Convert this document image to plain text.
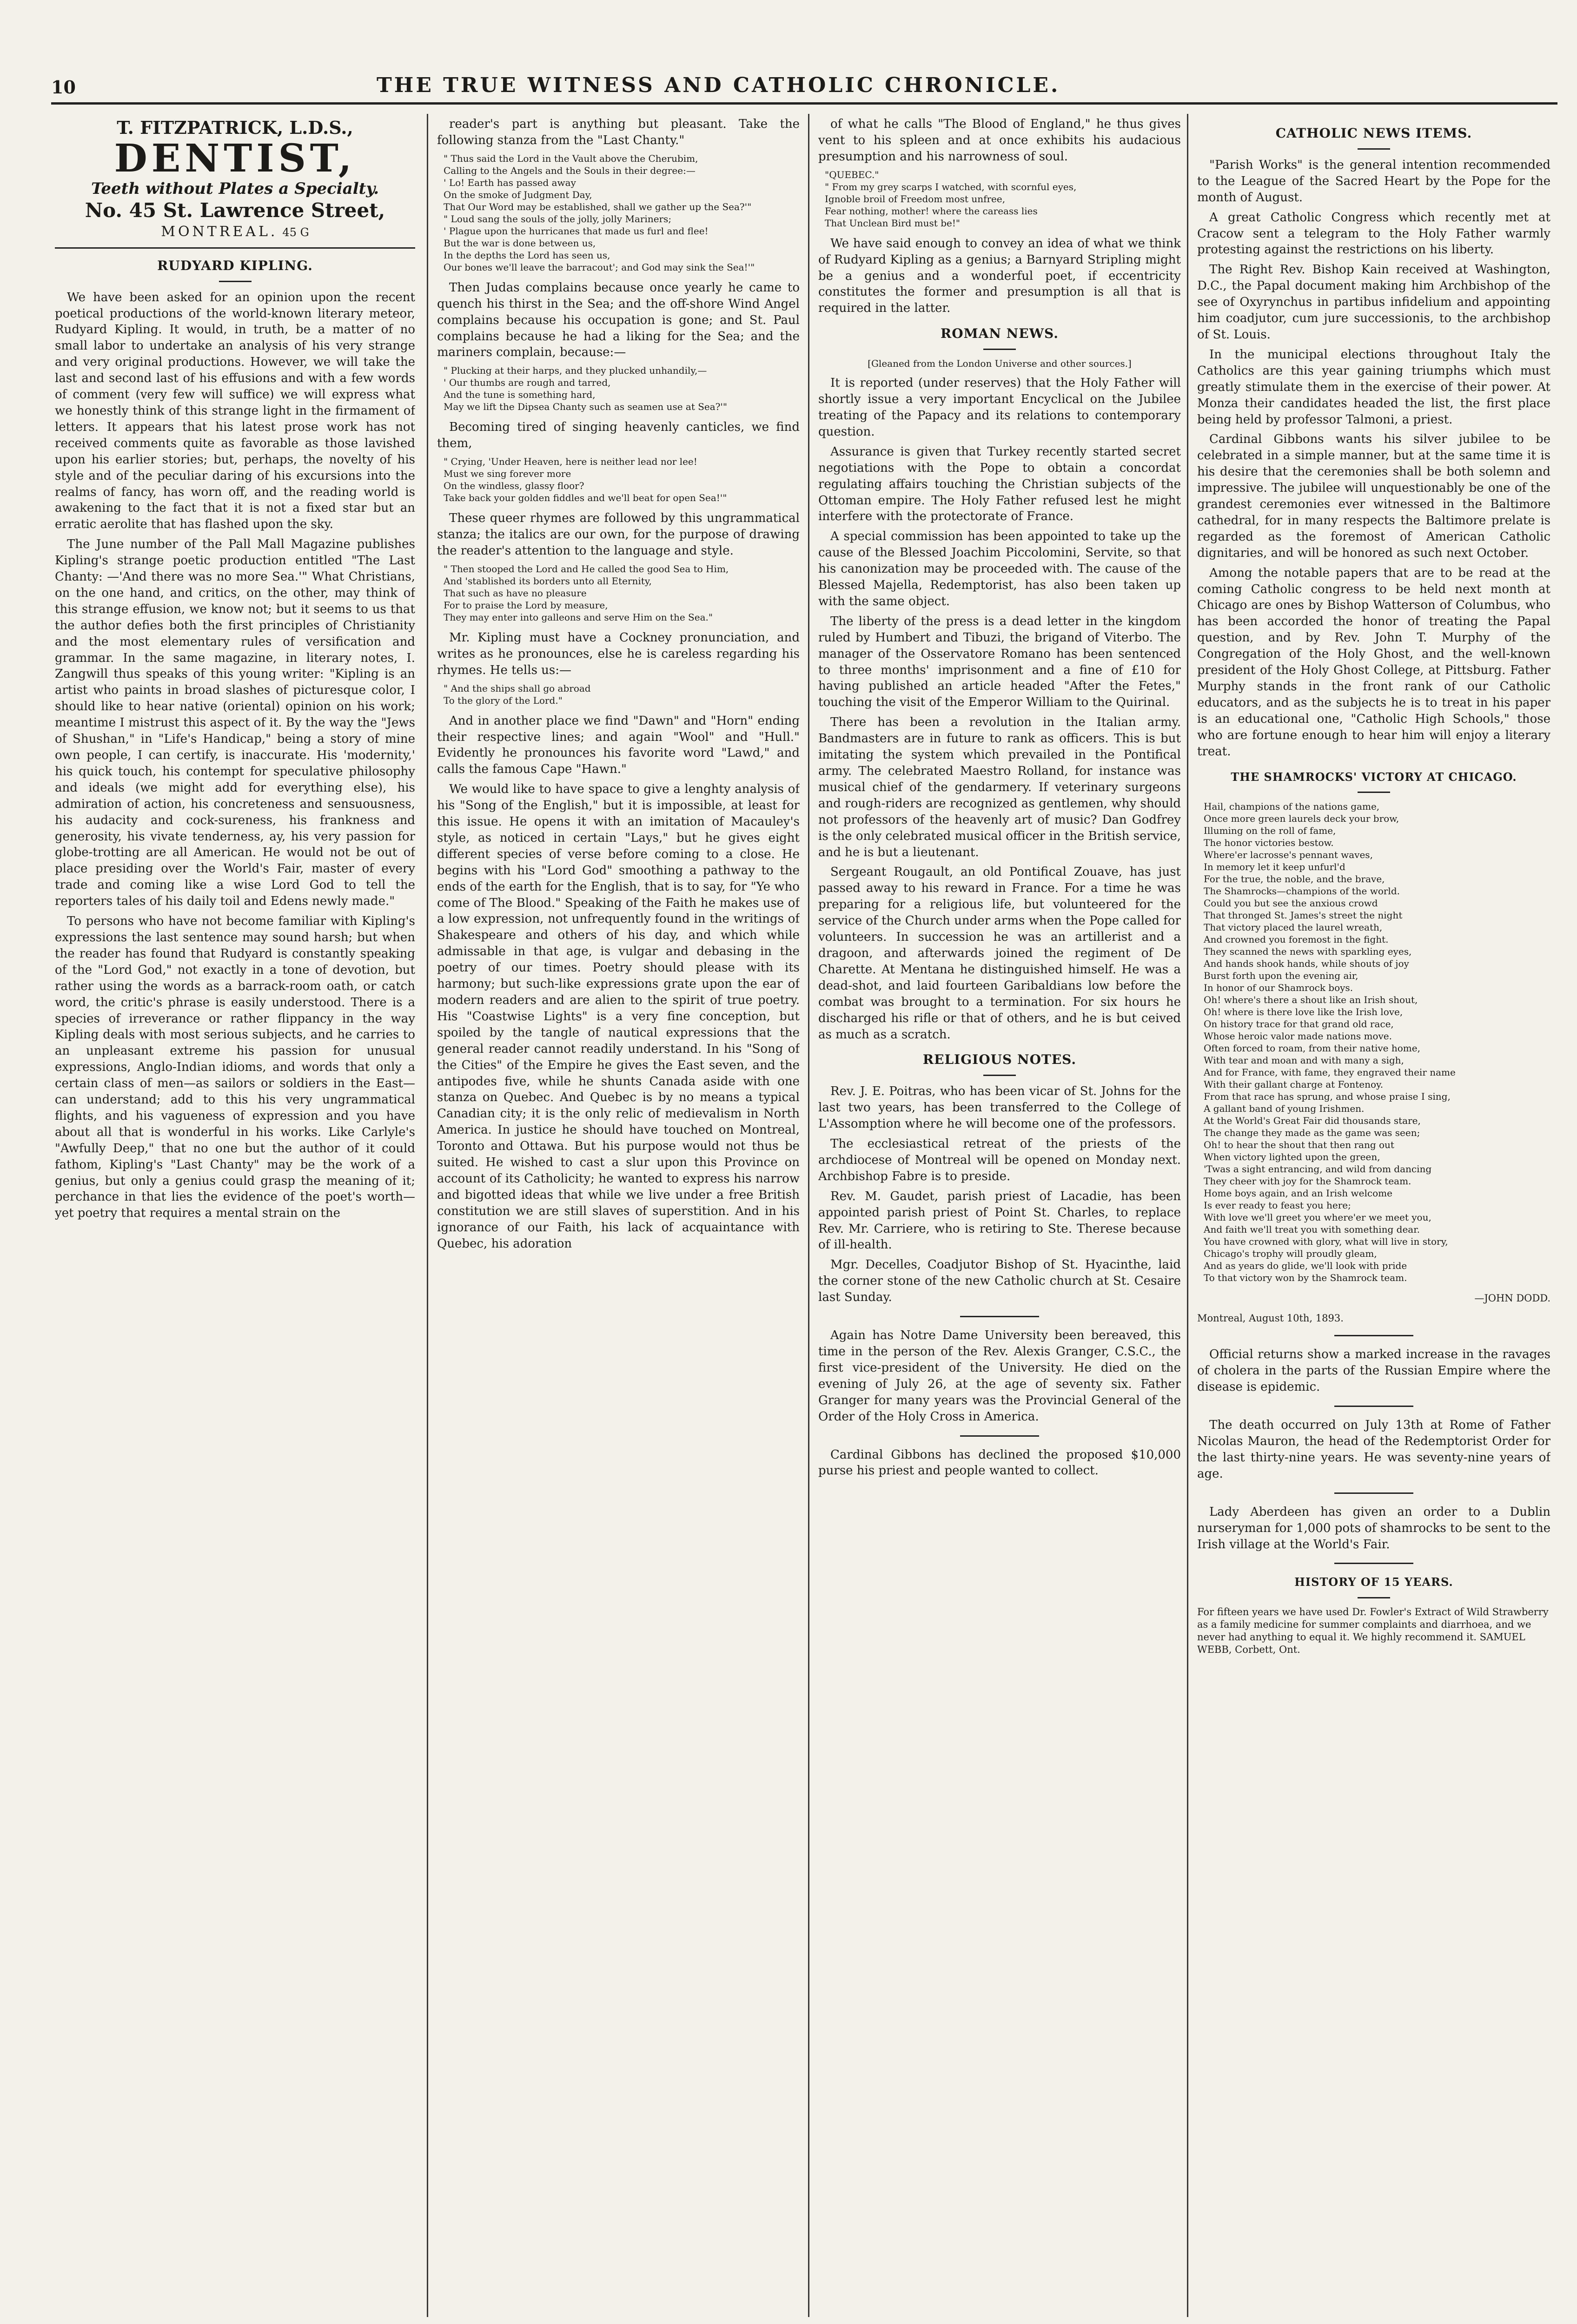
10	THE TRUE WITNESS AND CATHOLIC CHRONICLE.
T. FITZPATRICK, L.D.S.,
DENTIST,
Teeth without Plates a Specialty.
No. 45 St. Lawrence Street,
MONTREAL. 45 G
RUDYARD KIPLING.

We have been asked for an opinion upon the recent poetical productions of the world-known literary meteor, Rudyard Kipling. It would, in truth, be a matter of no small labor to undertake an analysis of his very strange and very original productions. However, we will take the last and second last of his effusions and with a few words of comment (very few will suffice) we will express what we honestly think of this strange light in the firmament of letters. It appears that his latest prose work has not received comments quite as favorable as those lavished upon his earlier stories; but, perhaps, the novelty of his style and of the peculiar daring of his excursions into the realms of fancy, has worn off, and the reading world is awakening to the fact that it is not a fixed star but an erratic aerolite that has flashed upon the sky.

The June number of the Pall Mall Magazine publishes Kipling's strange poetic production entitled "The Last Chanty: —'And there was no more Sea.'" What Christians, on the one hand, and critics, on the other, may think of this strange effusion, we know not; but it seems to us that the author defies both the first principles of Christianity and the most elementary rules of versification and grammar. In the same magazine, in literary notes, I. Zangwill thus speaks of this young writer: "Kipling is an artist who paints in broad slashes of picturesque color, I should like to hear native (oriental) opinion on his work; meantime I mistrust this aspect of it. By the way the "Jews of Shushan," in "Life's Handicap," being a story of mine own people, I can certify, is inaccurate. His 'modernity,' his quick touch, his contempt for speculative philosophy and ideals (we might add for everything else), his admiration of action, his concreteness and sensuousness, his audacity and cock-sureness, his frankness and generosity, his vivate tenderness, ay, his very passion for globe-trotting are all American. He would not be out of place presiding over the World's Fair, master of every trade and coming like a wise Lord God to tell the reporters tales of his daily toil and Edens newly made."

To persons who have not become familiar with Kipling's expressions the last sentence may sound harsh; but when the reader has found that Rudyard is constantly speaking of the "Lord God," not exactly in a tone of devotion, but rather using the words as a barrack-room oath, or catch word, the critic's phrase is easily understood. There is a species of irreverance or rather flippancy in the way Kipling deals with most serious subjects, and he carries to an unpleasant extreme his passion for unusual expressions, Anglo-Indian idioms, and words that only a certain class of men—as sailors or soldiers in the East—can understand; add to this his very ungrammatical flights, and his vagueness of expression and you have about all that is wonderful in his works. Like Carlyle's "Awfully Deep," that no one but the author of it could fathom, Kipling's "Last Chanty" may be the work of a genius, but only a genius could grasp the meaning of it; perchance in that lies the evidence of the poet's worth—yet poetry that requires a mental strain on the

reader's part is anything but pleasant. Take the following stanza from the "Last Chanty."

" Thus said the Lord in the Vault above the Cherubim,
Calling to the Angels and the Souls in their degree:—
' Lo! Earth has passed away
On the smoke of Judgment Day,
That Our Word may be established, shall we gather up the Sea?'"
" Loud sang the souls of the jolly, jolly Mariners;
' Plague upon the hurricanes that made us furl and flee!
But the war is done between us,
In the depths the Lord has seen us,
Our bones we'll leave the barracout'; and God may sink the Sea!'"

Then Judas complains because once yearly he came to quench his thirst in the Sea; and the off-shore Wind Angel complains because his occupation is gone; and St. Paul complains because he had a liking for the Sea; and the mariners complain, because:—

" Plucking at their harps, and they plucked unhandily,—
' Our thumbs are rough and tarred,
And the tune is something hard,
May we lift the Dipsea Chanty such as seamen use at Sea?'"

Becoming tired of singing heavenly canticles, we find them,

" Crying, 'Under Heaven, here is neither lead nor lee!
Must we sing forever more
On the windless, glassy floor?
Take back your golden fiddles and we'll beat for open Sea!'"

These queer rhymes are followed by this ungrammatical stanza; the italics are our own, for the purpose of drawing the reader's attention to the language and style.

" Then stooped the Lord and He called the good Sea to Him,
And 'stablished its borders unto all Eternity,
That such as have no pleasure
For to praise the Lord by measure,
They may enter into galleons and serve Him on the Sea."

Mr. Kipling must have a Cockney pronunciation, and writes as he pronounces, else he is careless regarding his rhymes. He tells us:—

" And the ships shall go abroad
To the glory of the Lord."

And in another place we find "Dawn" and "Horn" ending their respective lines; and again "Wool" and "Hull." Evidently he pronounces his favorite word "Lawd," and calls the famous Cape "Hawn."

We would like to have space to give a lenghty analysis of his "Song of the English," but it is impossible, at least for this issue. He opens it with an imitation of Macauley's style, as noticed in certain "Lays," but he gives eight different species of verse before coming to a close. He begins with his "Lord God" smoothing a pathway to the ends of the earth for the English, that is to say, for "Ye who come of The Blood." Speaking of the Faith he makes use of a low expression, not unfrequently found in the writings of Shakespeare and others of his day, and which while admissable in that age, is vulgar and debasing in the poetry of our times. Poetry should please with its harmony; but such-like expressions grate upon the ear of modern readers and are alien to the spirit of true poetry. His "Coastwise Lights" is a very fine conception, but spoiled by the tangle of nautical expressions that the general reader cannot readily understand. In his "Song of the Cities" of the Empire he gives the East seven, and the antipodes five, while he shunts Canada aside with one stanza on Quebec. And Quebec is by no means a typical Canadian city; it is the only relic of medievalism in North America. In justice he should have touched on Montreal, Toronto and Ottawa. But his purpose would not thus be suited. He wished to cast a slur upon this Province on account of its Catholicity; he wanted to express his narrow and bigotted ideas that while we live under a free British constitution we are still slaves of superstition. And in his ignorance of our Faith, his lack of acquaintance with Quebec, his adoration

of what he calls "The Blood of England," he thus gives vent to his spleen and at once exhibits his audacious presumption and his narrowness of soul.

"QUEBEC."
" From my grey scarps I watched, with scornful eyes,
Ignoble broil of Freedom most unfree,
Fear nothing, mother! where the careass lies
That Unclean Bird must be!"

We have said enough to convey an idea of what we think of Rudyard Kipling as a genius; a Barnyard Stripling might be a genius and a wonderful poet, if eccentricity constitutes the former and presumption is all that is required in the latter.

ROMAN NEWS.
[Gleaned from the London Universe and other sources.]

It is reported (under reserves) that the Holy Father will shortly issue a very important Encyclical on the Jubilee treating of the Papacy and its relations to contemporary question.

Assurance is given that Turkey recently started secret negotiations with the Pope to obtain a concordat regulating affairs touching the Christian subjects of the Ottoman empire. The Holy Father refused lest he might interfere with the protectorate of France.

A special commission has been appointed to take up the cause of the Blessed Joachim Piccolomini, Servite, so that his canonization may be proceeded with. The cause of the Blessed Majella, Redemptorist, has also been taken up with the same object.

The liberty of the press is a dead letter in the kingdom ruled by Humbert and Tibuzi, the brigand of Viterbo. The manager of the Osservatore Romano has been sentenced to three months' imprisonment and a fine of £10 for having published an article headed "After the Fetes," touching the visit of the Emperor William to the Quirinal.

There has been a revolution in the Italian army. Bandmasters are in future to rank as officers. This is but imitating the system which prevailed in the Pontifical army. The celebrated Maestro Rolland, for instance was musical chief of the gendarmery. If veterinary surgeons and rough-riders are recognized as gentlemen, why should not professors of the heavenly art of music? Dan Godfrey is the only celebrated musical officer in the British service, and he is but a lieutenant.

Sergeant Rougault, an old Pontifical Zouave, has just passed away to his reward in France. For a time he was preparing for a religious life, but volunteered for the service of the Church under arms when the Pope called for volunteers. In succession he was an artillerist and a dragoon, and afterwards joined the regiment of De Charette. At Mentana he distinguished himself. He was a dead-shot, and laid fourteen Garibaldians low before the combat was brought to a termination. For six hours he discharged his rifle or that of others, and he is but ceived as much as a scratch.

RELIGIOUS NOTES.

Rev. J. E. Poitras, who has been vicar of St. Johns for the last two years, has been transferred to the College of L'Assomption where he will become one of the professors.

The ecclesiastical retreat of the priests of the archdiocese of Montreal will be opened on Monday next. Archbishop Fabre is to preside.

Rev. M. Gaudet, parish priest of Lacadie, has been appointed parish priest of Point St. Charles, to replace Rev. Mr. Carriere, who is retiring to Ste. Therese because of ill-health.

Mgr. Decelles, Coadjutor Bishop of St. Hyacinthe, laid the corner stone of the new Catholic church at St. Cesaire last Sunday.

Again has Notre Dame University been bereaved, this time in the person of the Rev. Alexis Granger, C.S.C., the first vice-president of the University. He died on the evening of July 26, at the age of seventy six. Father Granger for many years was the Provincial General of the Order of the Holy Cross in America.

Cardinal Gibbons has declined the proposed $10,000 purse his priest and people wanted to collect.

CATHOLIC NEWS ITEMS.

"Parish Works" is the general intention recommended to the League of the Sacred Heart by the Pope for the month of August.

A great Catholic Congress which recently met at Cracow sent a telegram to the Holy Father warmly protesting against the restrictions on his liberty.

The Right Rev. Bishop Kain received at Washington, D.C., the Papal document making him Archbishop of the see of Oxyrynchus in partibus infidelium and appointing him coadjutor, cum jure successionis, to the archbishop of St. Louis.

In the municipal elections throughout Italy the Catholics are this year gaining triumphs which must greatly stimulate them in the exercise of their power. At Monza their candidates headed the list, the first place being held by professor Talmoni, a priest.

Cardinal Gibbons wants his silver jubilee to be celebrated in a simple manner, but at the same time it is his desire that the ceremonies shall be both solemn and impressive. The jubilee will unquestionably be one of the grandest ceremonies ever witnessed in the Baltimore cathedral, for in many respects the Baltimore prelate is regarded as the foremost of American Catholic dignitaries, and will be honored as such next October.

Among the notable papers that are to be read at the coming Catholic congress to be held next month at Chicago are ones by Bishop Watterson of Columbus, who has been accorded the honor of treating the Papal question, and by Rev. John T. Murphy of the Congregation of the Holy Ghost, and the well-known president of the Holy Ghost College, at Pittsburg. Father Murphy stands in the front rank of our Catholic educators, and as the subjects he is to treat in his paper is an educational one, "Catholic High Schools," those who are fortune enough to hear him will enjoy a literary treat.

THE SHAMROCKS' VICTORY AT CHICAGO.
Hail, champions of the nations game,
Once more green laurels deck your brow,
Illuming on the roll of fame,
The honor victories bestow.
Where'er lacrosse's pennant waves,
In memory let it keep unfurl'd
For the true, the noble, and the brave,
The Shamrocks—champions of the world.
Could you but see the anxious crowd
That thronged St. James's street the night
That victory placed the laurel wreath,
And crowned you foremost in the fight.
They scanned the news with sparkling eyes,
And hands shook hands, while shouts of joy
Burst forth upon the evening air,
In honor of our Shamrock boys.
Oh! where's there a shout like an Irish shout,
Oh! where is there love like the Irish love,
On history trace for that grand old race,
Whose heroic valor made nations move.
Often forced to roam, from their native home,
With tear and moan and with many a sigh,
And for France, with fame, they engraved their name
With their gallant charge at Fontenoy.
From that race has sprung, and whose praise I sing,
A gallant band of young Irishmen.
At the World's Great Fair did thousands stare,
The change they made as the game was seen;
Oh! to hear the shout that then rang out
When victory lighted upon the green,
'Twas a sight entrancing, and wild from dancing
They cheer with joy for the Shamrock team.
Home boys again, and an Irish welcome
Is ever ready to feast you here;
With love we'll greet you where'er we meet you,
And faith we'll treat you with something dear.
You have crowned with glory, what will live in story,
Chicago's trophy will proudly gleam,
And as years do glide, we'll look with pride
To that victory won by the Shamrock team.
—JOHN DODD.
Montreal, August 10th, 1893.

Official returns show a marked increase in the ravages of cholera in the parts of the Russian Empire where the disease is epidemic.

The death occurred on July 13th at Rome of Father Nicolas Mauron, the head of the Redemptorist Order for the last thirty-nine years. He was seventy-nine years of age.

Lady Aberdeen has given an order to a Dublin nurseryman for 1,000 pots of shamrocks to be sent to the Irish village at the World's Fair.

HISTORY OF 15 YEARS.
For fifteen years we have used Dr. Fowler's Extract of Wild Strawberry as a family medicine for summer complaints and diarrhoea, and we never had anything to equal it. We highly recommend it. SAMUEL WEBB, Corbett, Ont.
